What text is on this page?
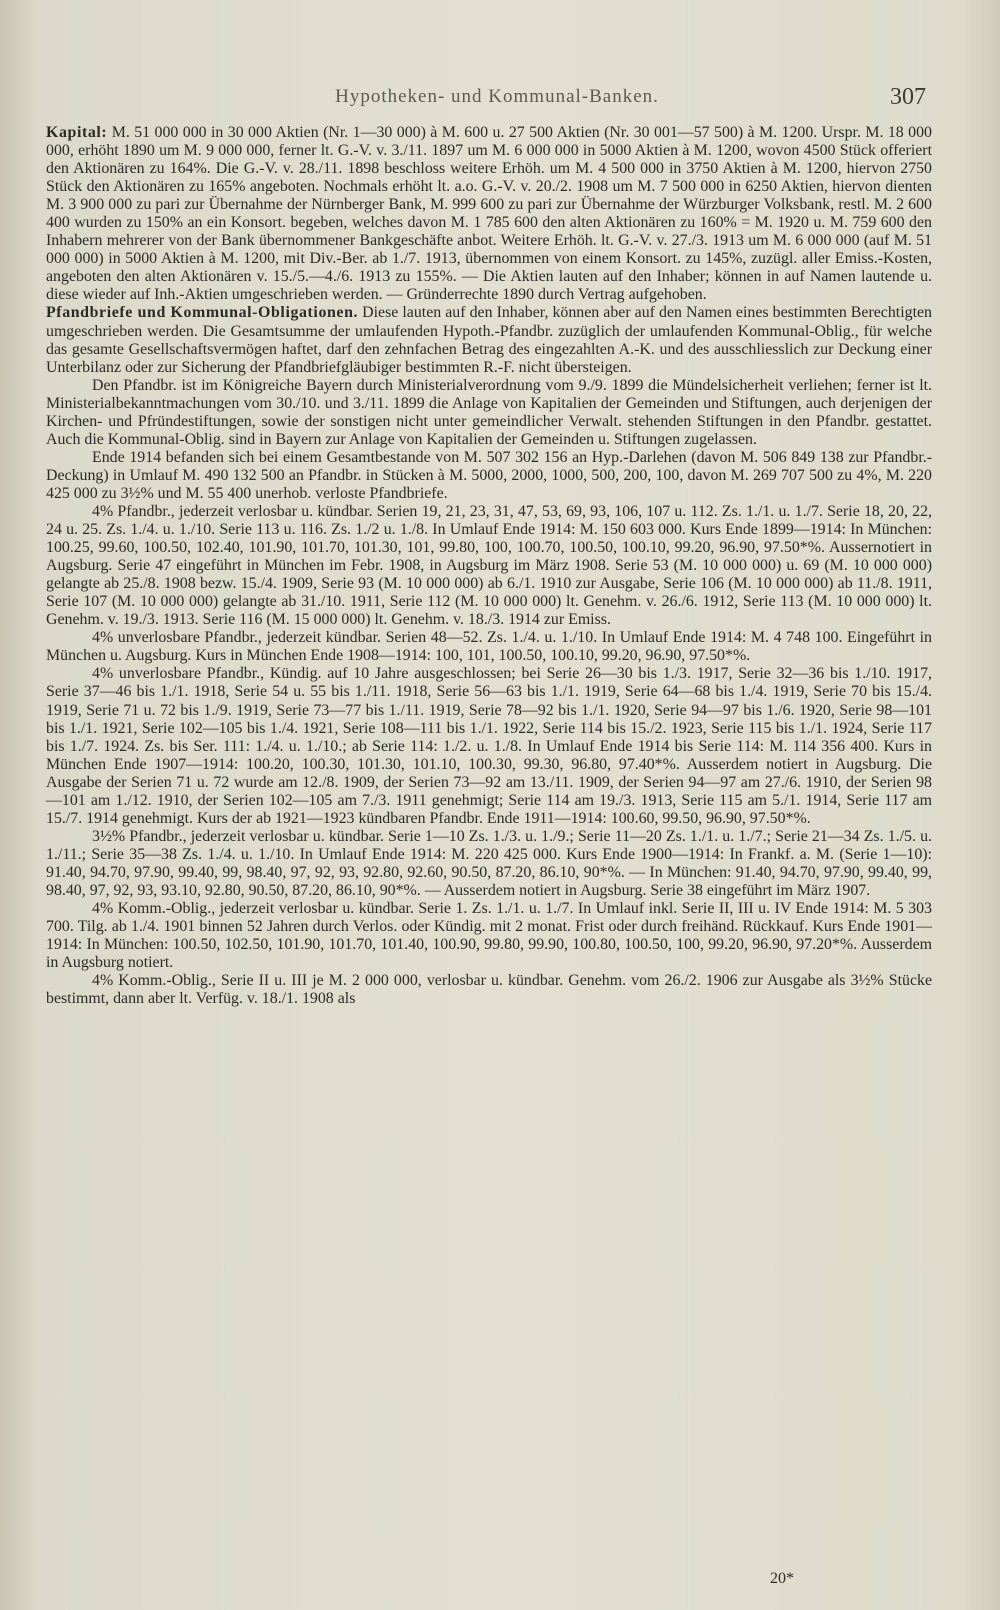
Hypotheken- und Kommunal-Banken.	307

Kapital: M. 51 000 000 in 30 000 Aktien (Nr. 1—30 000) à M. 600 u. 27 500 Aktien (Nr. 30 001—57 500) à M. 1200. Urspr. M. 18 000 000, erhöht 1890 um M. 9 000 000, ferner lt. G.-V. v. 3./11. 1897 um M. 6 000 000 in 5000 Aktien à M. 1200, wovon 4500 Stück offeriert den Aktionären zu 164%. Die G.-V. v. 28./11. 1898 beschloss weitere Erhöh. um M. 4 500 000 in 3750 Aktien à M. 1200, hiervon 2750 Stück den Aktionären zu 165% angeboten. Nochmals erhöht lt. a.o. G.-V. v. 20./2. 1908 um M. 7 500 000 in 6250 Aktien, hiervon dienten M. 3 900 000 zu pari zur Übernahme der Nürnberger Bank, M. 999 600 zu pari zur Übernahme der Würzburger Volksbank, restl. M. 2 600 400 wurden zu 150% an ein Konsort. begeben, welches davon M. 1 785 600 den alten Aktionären zu 160% = M. 1920 u. M. 759 600 den Inhabern mehrerer von der Bank übernommener Bankgeschäfte anbot. Weitere Erhöh. lt. G.-V. v. 27./3. 1913 um M. 6 000 000 (auf M. 51 000 000) in 5000 Aktien à M. 1200, mit Div.-Ber. ab 1./7. 1913, übernommen von einem Konsort. zu 145%, zuzügl. aller Emiss.-Kosten, angeboten den alten Aktionären v. 15./5.—4./6. 1913 zu 155%. — Die Aktien lauten auf den Inhaber; können in auf Namen lautende u. diese wieder auf Inh.-Aktien umgeschrieben werden. — Gründerrechte 1890 durch Vertrag aufgehoben.

Pfandbriefe und Kommunal-Obligationen. Diese lauten auf den Inhaber, können aber auf den Namen eines bestimmten Berechtigten umgeschrieben werden. Die Gesamtsumme der umlaufenden Hypoth.-Pfandbr. zuzüglich der umlaufenden Kommunal-Oblig., für welche das gesamte Gesellschaftsvermögen haftet, darf den zehnfachen Betrag des eingezahlten A.-K. und des ausschliesslich zur Deckung einer Unterbilanz oder zur Sicherung der Pfandbriefgläubiger bestimmten R.-F. nicht übersteigen.

Den Pfandbr. ist im Königreiche Bayern durch Ministerialverordnung vom 9./9. 1899 die Mündelsicherheit verliehen; ferner ist lt. Ministerialbekanntmachungen vom 30./10. und 3./11. 1899 die Anlage von Kapitalien der Gemeinden und Stiftungen, auch derjenigen der Kirchen- und Pfründestiftungen, sowie der sonstigen nicht unter gemeindlicher Verwalt. stehenden Stiftungen in den Pfandbr. gestattet. Auch die Kommunal-Oblig. sind in Bayern zur Anlage von Kapitalien der Gemeinden u. Stiftungen zugelassen.

Ende 1914 befanden sich bei einem Gesamtbestande von M. 507 302 156 an Hyp.-Darlehen (davon M. 506 849 138 zur Pfandbr.-Deckung) in Umlauf M. 490 132 500 an Pfandbr. in Stücken à M. 5000, 2000, 1000, 500, 200, 100, davon M. 269 707 500 zu 4%, M. 220 425 000 zu 3½% und M. 55 400 unerhob. verloste Pfandbriefe.

4% Pfandbr., jederzeit verlosbar u. kündbar. Serien 19, 21, 23, 31, 47, 53, 69, 93, 106, 107 u. 112. Zs. 1./1. u. 1./7. Serie 18, 20, 22, 24 u. 25. Zs. 1./4. u. 1./10. Serie 113 u. 116. Zs. 1./2 u. 1./8. In Umlauf Ende 1914: M. 150 603 000. Kurs Ende 1899—1914: In München: 100.25, 99.60, 100.50, 102.40, 101.90, 101.70, 101.30, 101, 99.80, 100, 100.70, 100.50, 100.10, 99.20, 96.90, 97.50*%. Aussernotiert in Augsburg. Serie 47 eingeführt in München im Febr. 1908, in Augsburg im März 1908. Serie 53 (M. 10 000 000) u. 69 (M. 10 000 000) gelangte ab 25./8. 1908 bezw. 15./4. 1909, Serie 93 (M. 10 000 000) ab 6./1. 1910 zur Ausgabe, Serie 106 (M. 10 000 000) ab 11./8. 1911, Serie 107 (M. 10 000 000) gelangte ab 31./10. 1911, Serie 112 (M. 10 000 000) lt. Genehm. v. 26./6. 1912, Serie 113 (M. 10 000 000) lt. Genehm. v. 19./3. 1913. Serie 116 (M. 15 000 000) lt. Genehm. v. 18./3. 1914 zur Emiss.

4% unverlosbare Pfandbr., jederzeit kündbar. Serien 48—52. Zs. 1./4. u. 1./10. In Umlauf Ende 1914: M. 4 748 100. Eingeführt in München u. Augsburg. Kurs in München Ende 1908—1914: 100, 101, 100.50, 100.10, 99.20, 96.90, 97.50*%.

4% unverlosbare Pfandbr., Kündig. auf 10 Jahre ausgeschlossen; bei Serie 26—30 bis 1./3. 1917, Serie 32—36 bis 1./10. 1917, Serie 37—46 bis 1./1. 1918, Serie 54 u. 55 bis 1./11. 1918, Serie 56—63 bis 1./1. 1919, Serie 64—68 bis 1./4. 1919, Serie 70 bis 15./4. 1919, Serie 71 u. 72 bis 1./9. 1919, Serie 73—77 bis 1./11. 1919, Serie 78—92 bis 1./1. 1920, Serie 94—97 bis 1./6. 1920, Serie 98—101 bis 1./1. 1921, Serie 102—105 bis 1./4. 1921, Serie 108—111 bis 1./1. 1922, Serie 114 bis 15./2. 1923, Serie 115 bis 1./1. 1924, Serie 117 bis 1./7. 1924. Zs. bis Ser. 111: 1./4. u. 1./10.; ab Serie 114: 1./2. u. 1./8. In Umlauf Ende 1914 bis Serie 114: M. 114 356 400. Kurs in München Ende 1907—1914: 100.20, 100.30, 101.30, 101.10, 100.30, 99.30, 96.80, 97.40*%. Ausserdem notiert in Augsburg. Die Ausgabe der Serien 71 u. 72 wurde am 12./8. 1909, der Serien 73—92 am 13./11. 1909, der Serien 94—97 am 27./6. 1910, der Serien 98—101 am 1./12. 1910, der Serien 102—105 am 7./3. 1911 genehmigt; Serie 114 am 19./3. 1913, Serie 115 am 5./1. 1914, Serie 117 am 15./7. 1914 genehmigt. Kurs der ab 1921—1923 kündbaren Pfandbr. Ende 1911—1914: 100.60, 99.50, 96.90, 97.50*%.

3½% Pfandbr., jederzeit verlosbar u. kündbar. Serie 1—10 Zs. 1./3. u. 1./9.; Serie 11—20 Zs. 1./1. u. 1./7.; Serie 21—34 Zs. 1./5. u. 1./11.; Serie 35—38 Zs. 1./4. u. 1./10. In Umlauf Ende 1914: M. 220 425 000. Kurs Ende 1900—1914: In Frankf. a. M. (Serie 1—10): 91.40, 94.70, 97.90, 99.40, 99, 98.40, 97, 92, 93, 92.80, 92.60, 90.50, 87.20, 86.10, 90*%. — In München: 91.40, 94.70, 97.90, 99.40, 99, 98.40, 97, 92, 93, 93.10, 92.80, 90.50, 87.20, 86.10, 90*%. — Ausserdem notiert in Augsburg. Serie 38 eingeführt im März 1907.

4% Komm.-Oblig., jederzeit verlosbar u. kündbar. Serie 1. Zs. 1./1. u. 1./7. In Umlauf inkl. Serie II, III u. IV Ende 1914: M. 5 303 700. Tilg. ab 1./4. 1901 binnen 52 Jahren durch Verlos. oder Kündig. mit 2 monat. Frist oder durch freihänd. Rückkauf. Kurs Ende 1901—1914: In München: 100.50, 102.50, 101.90, 101.70, 101.40, 100.90, 99.80, 99.90, 100.80, 100.50, 100, 99.20, 96.90, 97.20*%. Ausserdem in Augsburg notiert.

4% Komm.-Oblig., Serie II u. III je M. 2 000 000, verlosbar u. kündbar. Genehm. vom 26./2. 1906 zur Ausgabe als 3½% Stücke bestimmt, dann aber lt. Verfüg. v. 18./1. 1908 als

20*
